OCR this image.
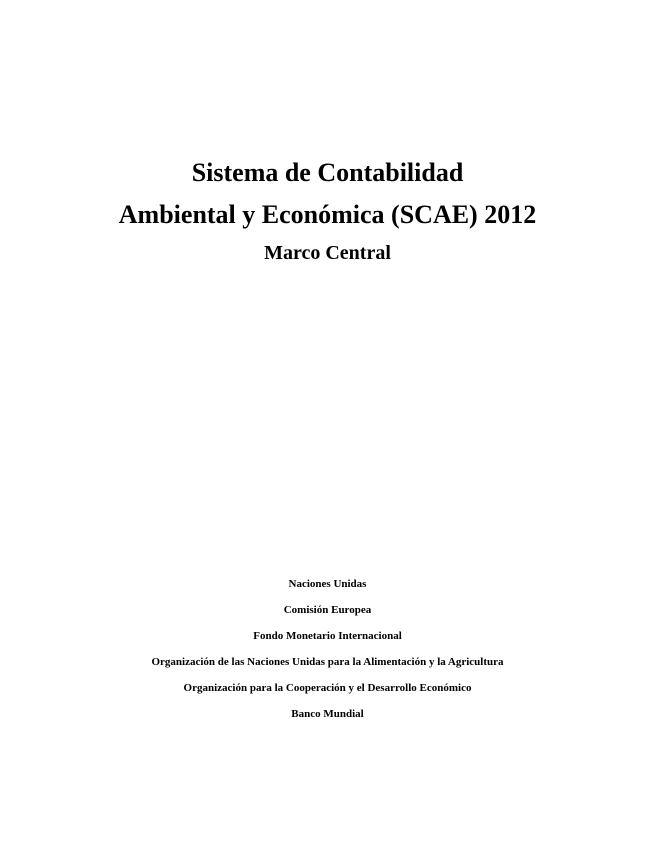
Sistema de Contabilidad
Ambiental y Económica (SCAE) 2012
Marco Central
Naciones Unidas
Comisión Europea
Fondo Monetario Internacional
Organización de las Naciones Unidas para la Alimentación y la Agricultura
Organización para la Cooperación y el Desarrollo Económico
Banco Mundial
